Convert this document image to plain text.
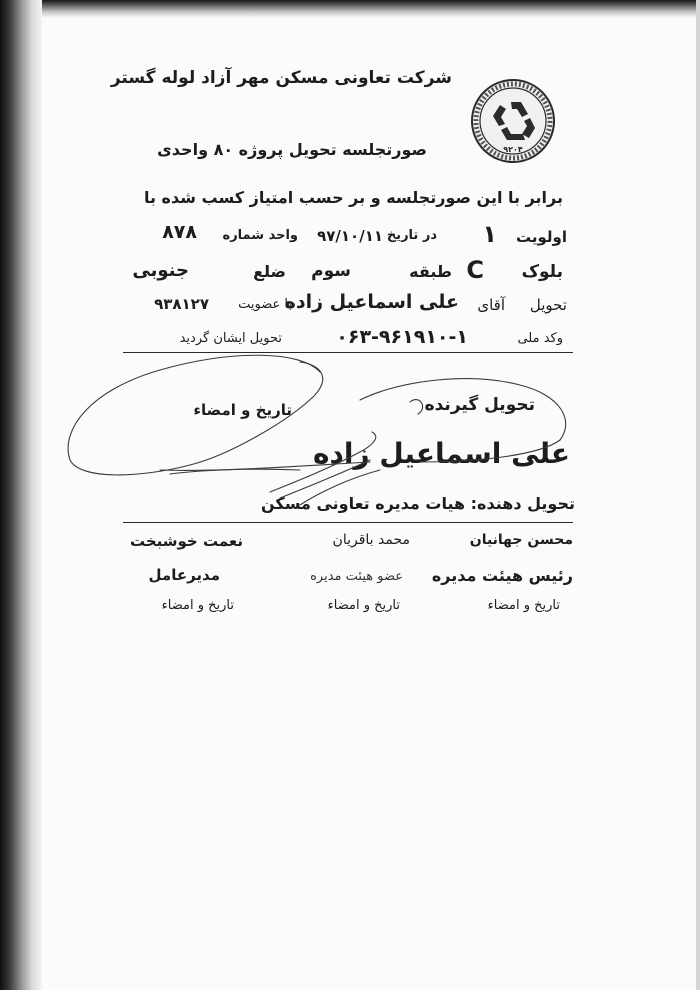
۹۲۰۴
شرکت تعاونی مسکن مهر آزاد لوله گستر
صورتجلسه تحویل پروژه ۸۰ واحدی
برابر با این صورتجلسه و بر حسب امتیاز کسب شده با
اولویت
۱
در تاریخ
۹۷/۱۰/۱۱
واحد شماره
۸۷۸
بلوک
C
طبقه
سوم
ضلع
جنوبی
تحویل
آقای
علی اسماعیل زاده
با عضویت
۹۳۸۱۲۷
وکد ملی
۰۶۳-۹۶۱۹۱۰-۱
تحویل ایشان گردید
تاریخ و امضاء	تحویل گیرنده
علی اسماعیل زاده
تحویل دهنده: هیات مدیره تعاونی مسکن
محسن جهانیان
محمد باقریان
نعمت خوشبخت
رئیس هیئت مدیره
عضو هیئت مدیره
مدیرعامل
تاریخ و امضاء
تاریخ و امضاء
تاریخ و امضاء
